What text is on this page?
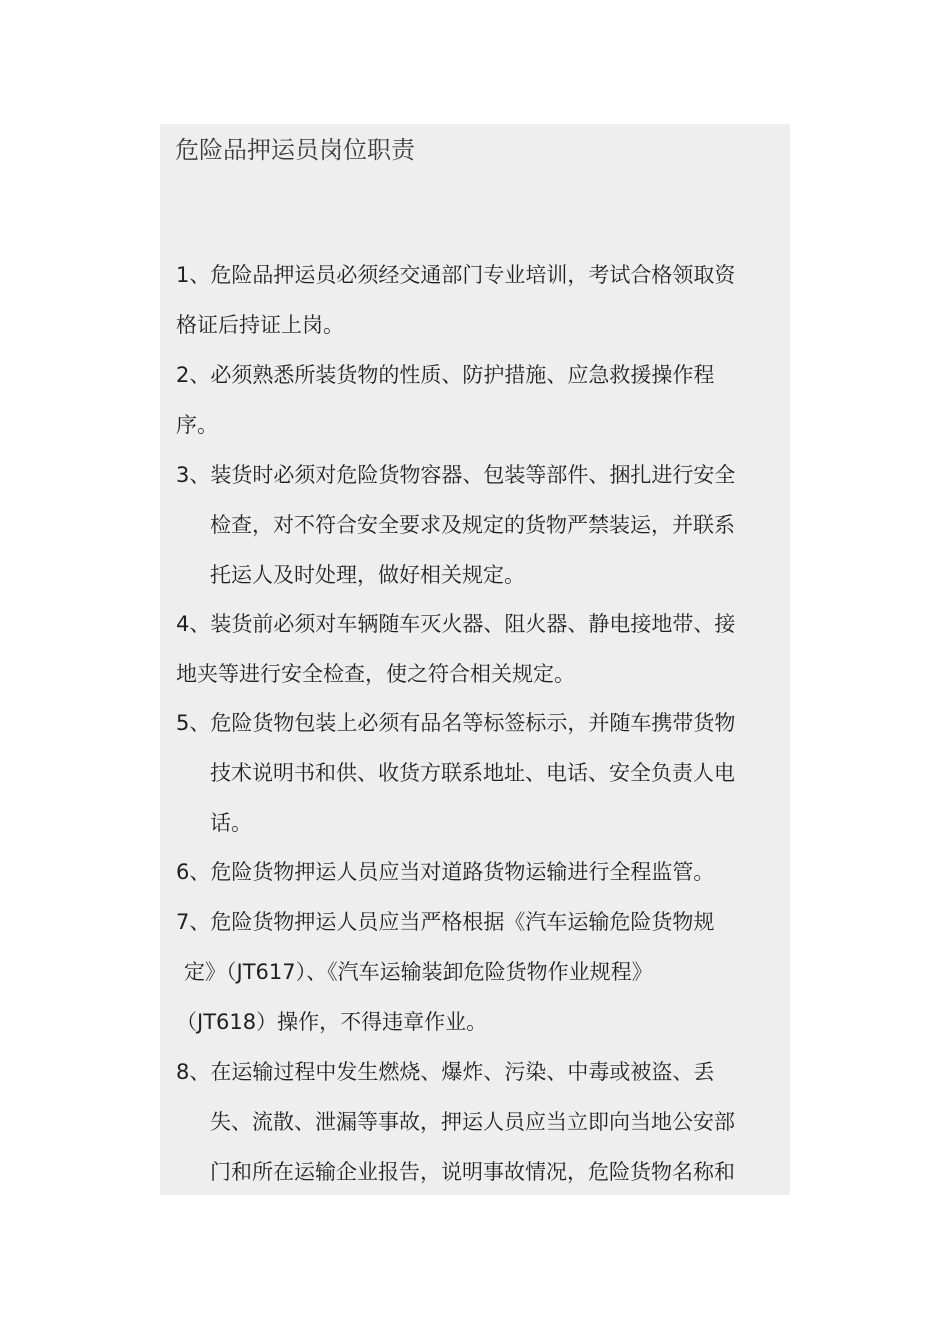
危险品押运员岗位职责

1、危险品押运员必须经交通部门专业培训，考试合格领取资

格证后持证上岗。

2、必须熟悉所装货物的性质、防护措施、应急救援操作程

序。

3、装货时必须对危险货物容器、包装等部件、捆扎进行安全

检查，对不符合安全要求及规定的货物严禁装运，并联系

托运人及时处理，做好相关规定。

4、装货前必须对车辆随车灭火器、阻火器、静电接地带、接

地夹等进行安全检查，使之符合相关规定。

5、危险货物包装上必须有品名等标签标示，并随车携带货物

技术说明书和供、收货方联系地址、电话、安全负责人电

话。

6、危险货物押运人员应当对道路货物运输进行全程监管。

7、危险货物押运人员应当严格根据《汽车运输危险货物规

定》（JT617）、《汽车运输装卸危险货物作业规程》

（JT618）操作，不得违章作业。

8、在运输过程中发生燃烧、爆炸、污染、中毒或被盗、丢

失、流散、泄漏等事故，押运人员应当立即向当地公安部

门和所在运输企业报告，说明事故情况，危险货物名称和
